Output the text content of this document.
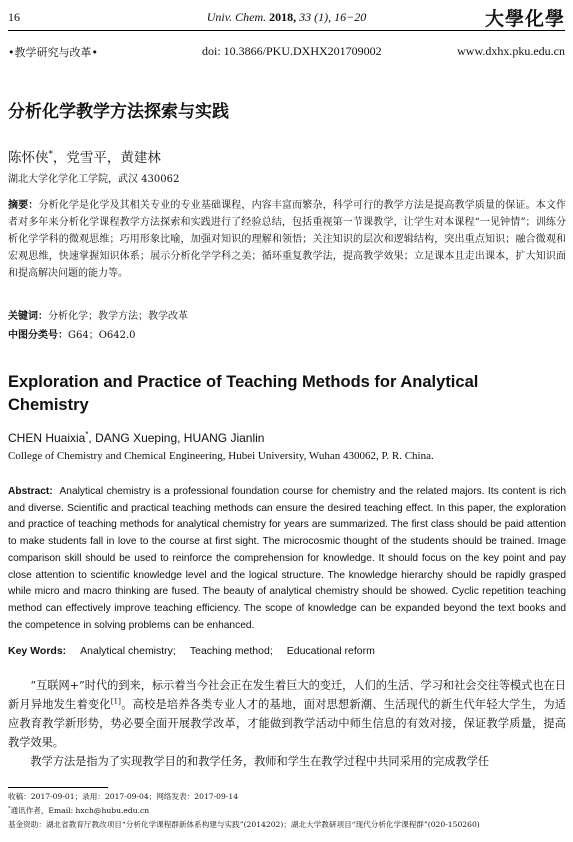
16	Univ. Chem. 2018, 33 (1), 16−20	大學化學
•教学研究与改革•	doi: 10.3866/PKU.DXHX201709002	www.dxhx.pku.edu.cn
分析化学教学方法探索与实践
陈怀侠*，党雪平，黄建林
湖北大学化学化工学院，武汉 430062
摘要：分析化学是化学及其相关专业的专业基础课程，内容丰富而繁杂，科学可行的教学方法是提高教学质量的保证。本文作者对多年来分析化学课程教学方法探索和实践进行了经验总结，包括重视第一节课教学，让学生对本课程“一见钟情”；训练分析化学学科的微观思维；巧用形象比喻，加强对知识的理解和领悟；关注知识的层次和逻辑结构，突出重点知识；融合微观和宏观思维，快速掌握知识体系；展示分析化学学科之美；循环重复教学法，提高教学效果；立足课本且走出课本，扩大知识面和提高解决问题的能力等。
关键词：分析化学；教学方法；教学改革
中图分类号：G64；O642.0
Exploration and Practice of Teaching Methods for Analytical Chemistry
CHEN Huaixia*, DANG Xueping, HUANG Jianlin
College of Chemistry and Chemical Engineering, Hubei University, Wuhan 430062, P. R. China.
Abstract: Analytical chemistry is a professional foundation course for chemistry and the related majors. Its content is rich and diverse. Scientific and practical teaching methods can ensure the desired teaching effect. In this paper, the exploration and practice of teaching methods for analytical chemistry for years are summarized. The first class should be paid attention to make students fall in love to the course at first sight. The microcosmic thought of the students should be trained. Image comparison skill should be used to reinforce the comprehension for knowledge. It should focus on the key point and pay close attention to scientific knowledge level and the logical structure. The knowledge hierarchy should be rapidly grasped while micro and macro thinking are fused. The beauty of analytical chemistry should be showed. Cyclic repetition teaching method can effectively improve teaching efficiency. The scope of knowledge can be expanded beyond the text books and the competence in solving problems can be enhanced.
Key Words: Analytical chemistry; Teaching method; Educational reform

“互联网+”时代的到来，标示着当今社会正在发生着巨大的变迁，人们的生活、学习和社会交往等模式也在日新月异地发生着变化[1]。高校是培养各类专业人才的基地，面对思想新潮、生活现代的新生代年轻大学生，为适应教育教学新形势，势必要全面开展教学改革，才能做到教学活动中师生信息的有效对接，保证教学质量，提高教学效果。

教学方法是指为了实现教学目的和教学任务，教师和学生在教学过程中共同采用的完成教学任

收稿：2017-09-01；录用：2017-09-04；网络发表：2017-09-14
*通讯作者，Email: hxch@hubu.edu.cn
基金资助：湖北省教育厅教改项目“分析化学课程群新体系构建与实践”(2014202)；湖北大学教研项目“现代分析化学课程群”(020-150260)
